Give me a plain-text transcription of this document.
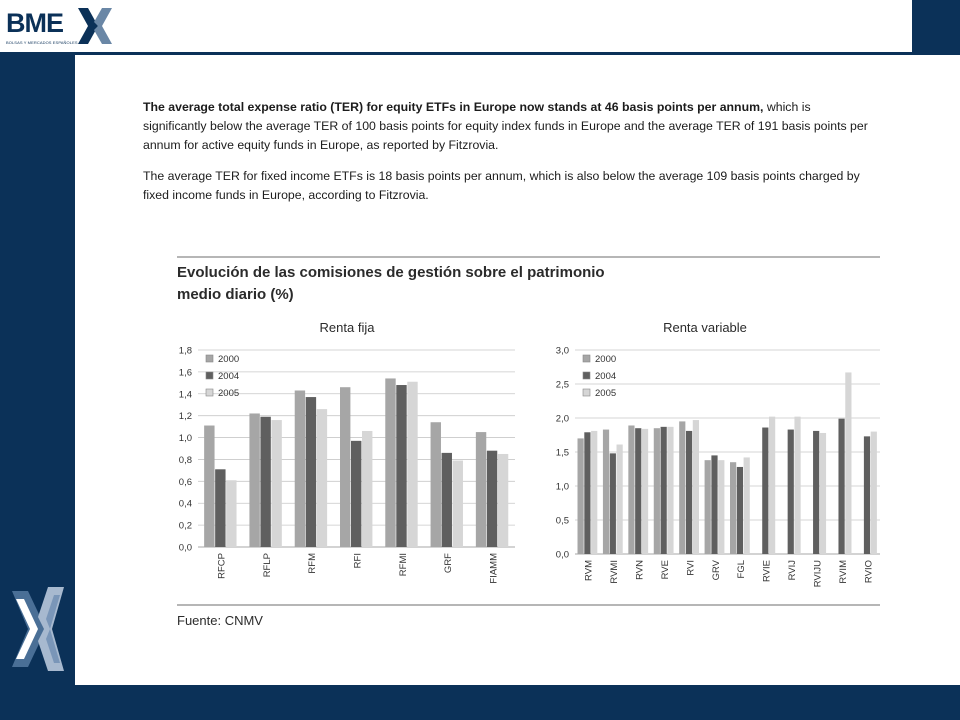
BME
BOLSAS Y MERCADOS ESPAÑOLES

The average total expense ratio (TER) for equity ETFs in Europe now stands at 46 basis points per annum, which is significantly below the average TER of 100 basis points for equity index funds in Europe and the average TER of 191 basis points per annum for active equity funds in Europe, as reported by Fitzrovia.

The average TER for fixed income ETFs is 18 basis points per annum, which is also below the average 109 basis points charged by fixed income funds in Europe, according to Fitzrovia.

Evolución de las comisiones de gestión sobre el patrimonio
medio diario (%)
Renta fija
0,0
0,2
0,4
0,6
0,8
1,0
1,2
1,4
1,6
1,8
RFCP	RFLP	RFM	RFI	RFMI	GRF	FIAMM
2000
2004
2005
Renta variable
0,0
0,5
1,0
1,5
2,0
2,5
3,0
RVM RVMI RVN RVE RVI GRV FGL RVIE RVIJ RVIJU RVIM RVIO
2000
2004
2005
Fuente: CNMV
